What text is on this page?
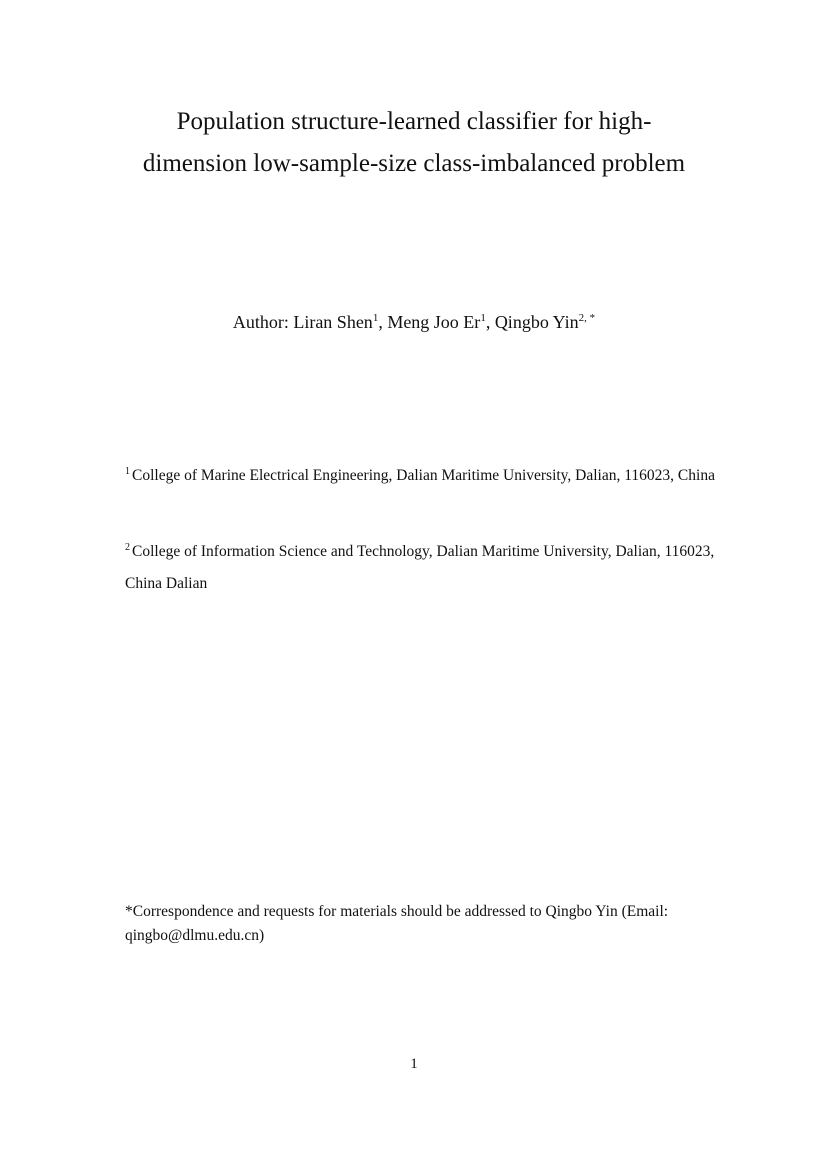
Population structure-learned classifier for high-
dimension low-sample-size class-imbalanced problem
Author: Liran Shen$^1$, Meng Joo Er$^1$, Qingbo Yin$^{2, *}$
$^1$ College of Marine Electrical Engineering, Dalian Maritime University, Dalian, 116023, China
$^2$ College of Information Science and Technology, Dalian Maritime University, Dalian, 116023, China Dalian
*Correspondence and requests for materials should be addressed to Qingbo Yin (Email: qingbo@dlmu.edu.cn)
1
